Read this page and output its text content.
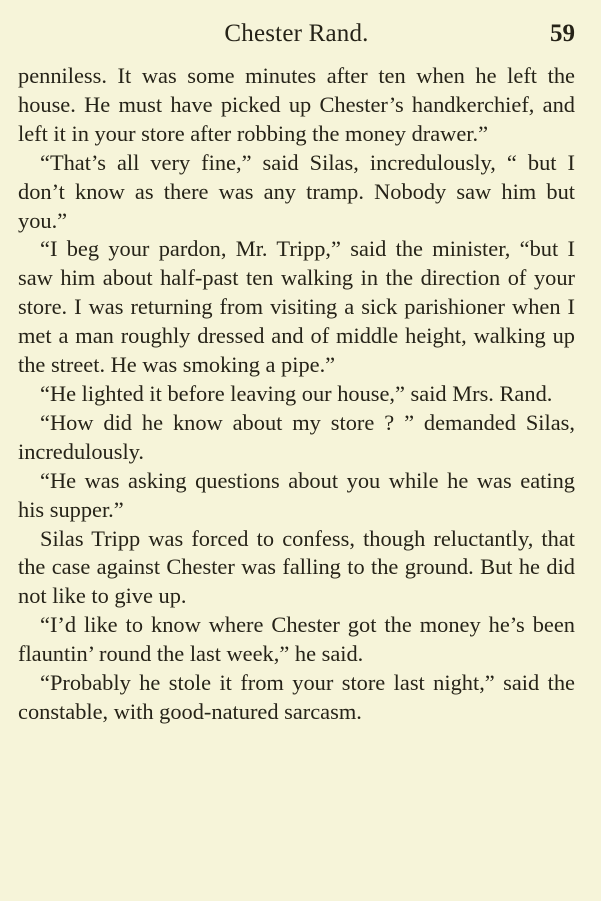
Chester Rand.	59

penniless. It was some minutes after ten when he left the house. He must have picked up Chester’s handkerchief, and left it in your store after robbing the money drawer.”

“That’s all very fine,” said Silas, incredulously, “ but I don’t know as there was any tramp. Nobody saw him but you.”

“I beg your pardon, Mr. Tripp,” said the minister, “but I saw him about half-past ten walking in the direction of your store. I was returning from visiting a sick parishioner when I met a man roughly dressed and of middle height, walking up the street. He was smoking a pipe.”

“He lighted it before leaving our house,” said Mrs. Rand.

“How did he know about my store ? ” demanded Silas, incredulously.

“He was asking questions about you while he was eating his supper.”

Silas Tripp was forced to confess, though reluctantly, that the case against Chester was falling to the ground. But he did not like to give up.

“I’d like to know where Chester got the money he’s been flauntin’ round the last week,” he said.

“Probably he stole it from your store last night,” said the constable, with good-natured sarcasm.
